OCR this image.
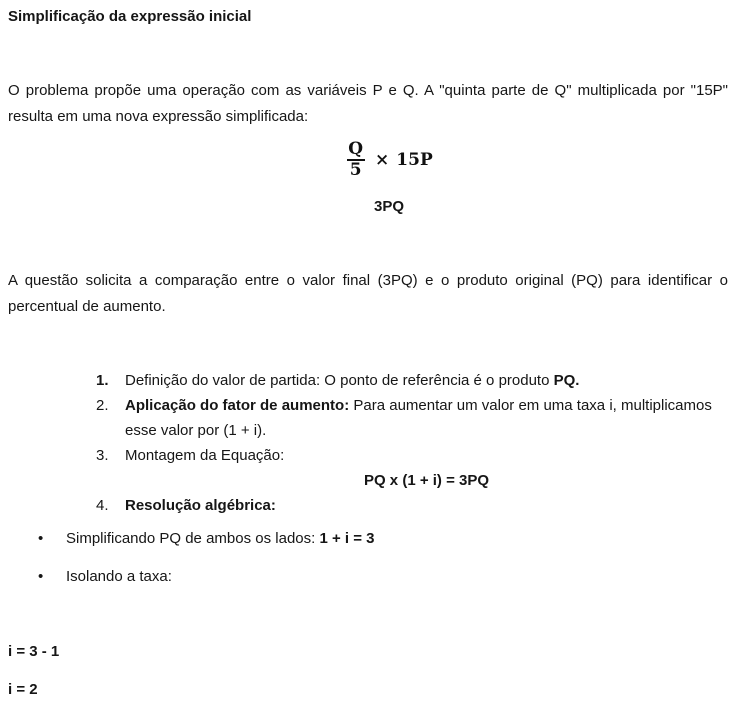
Simplificação da expressão inicial

O problema propõe uma operação com as variáveis P e Q. A "quinta parte de Q" multiplicada por "15P" resulta em uma nova expressão simplificada:

$\frac{Q}{5} \times 15P$
3PQ

A questão solicita a comparação entre o valor final (3PQ) e o produto original (PQ) para identificar o percentual de aumento.

1.	Definição do valor de partida: O ponto de referência é o produto PQ.
2.	Aplicação do fator de aumento: Para aumentar um valor em uma taxa i, multiplicamos esse valor por (1 + i).
3.	Montagem da Equação:
PQ x (1 + i) = 3PQ
4.	Resolução algébrica:
•	Simplificando PQ de ambos os lados: 1 + i = 3
•	Isolando a taxa:
i = 3 - 1
i = 2
